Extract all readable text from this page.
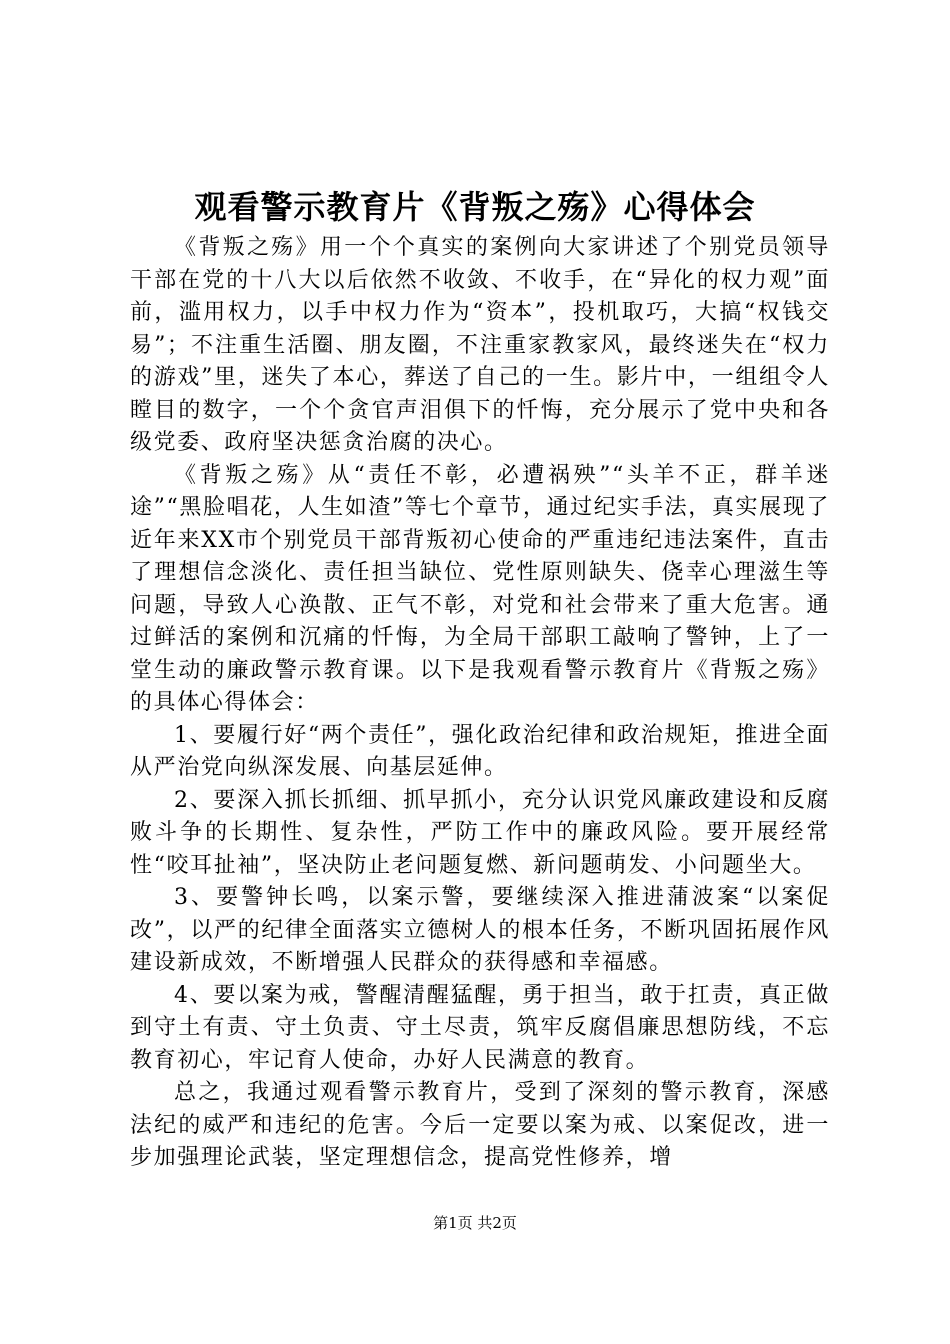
观看警示教育片《背叛之殇》心得体会

《背叛之殇》用一个个真实的案例向大家讲述了个别党员领导干部在党的十八大以后依然不收敛、不收手，在“异化的权力观”面前，滥用权力，以手中权力作为“资本”，投机取巧，大搞“权钱交易”；不注重生活圈、朋友圈，不注重家教家风，最终迷失在“权力的游戏”里，迷失了本心，葬送了自己的一生。影片中，一组组令人瞠目的数字，一个个贪官声泪俱下的忏悔，充分展示了党中央和各级党委、政府坚决惩贪治腐的决心。

《背叛之殇》从“责任不彰，必遭祸殃”“头羊不正，群羊迷途”“黑脸唱花，人生如渣”等七个章节，通过纪实手法，真实展现了近年来XX市个别党员干部背叛初心使命的严重违纪违法案件，直击了理想信念淡化、责任担当缺位、党性原则缺失、侥幸心理滋生等问题，导致人心涣散、正气不彰，对党和社会带来了重大危害。通过鲜活的案例和沉痛的忏悔，为全局干部职工敲响了警钟，上了一堂生动的廉政警示教育课。以下是我观看警示教育片《背叛之殇》的具体心得体会：

1、要履行好“两个责任”，强化政治纪律和政治规矩，推进全面从严治党向纵深发展、向基层延伸。

2、要深入抓长抓细、抓早抓小，充分认识党风廉政建设和反腐败斗争的长期性、复杂性，严防工作中的廉政风险。要开展经常性“咬耳扯袖”，坚决防止老问题复燃、新问题萌发、小问题坐大。

3、要警钟长鸣，以案示警，要继续深入推进蒲波案“以案促改”，以严的纪律全面落实立德树人的根本任务，不断巩固拓展作风建设新成效，不断增强人民群众的获得感和幸福感。

4、要以案为戒，警醒清醒猛醒，勇于担当，敢于扛责，真正做到守土有责、守土负责、守土尽责，筑牢反腐倡廉思想防线，不忘教育初心，牢记育人使命，办好人民满意的教育。

总之，我通过观看警示教育片，受到了深刻的警示教育，深感法纪的威严和违纪的危害。今后一定要以案为戒、以案促改，进一步加强理论武装，坚定理想信念，提高党性修养，增

第1页 共2页
